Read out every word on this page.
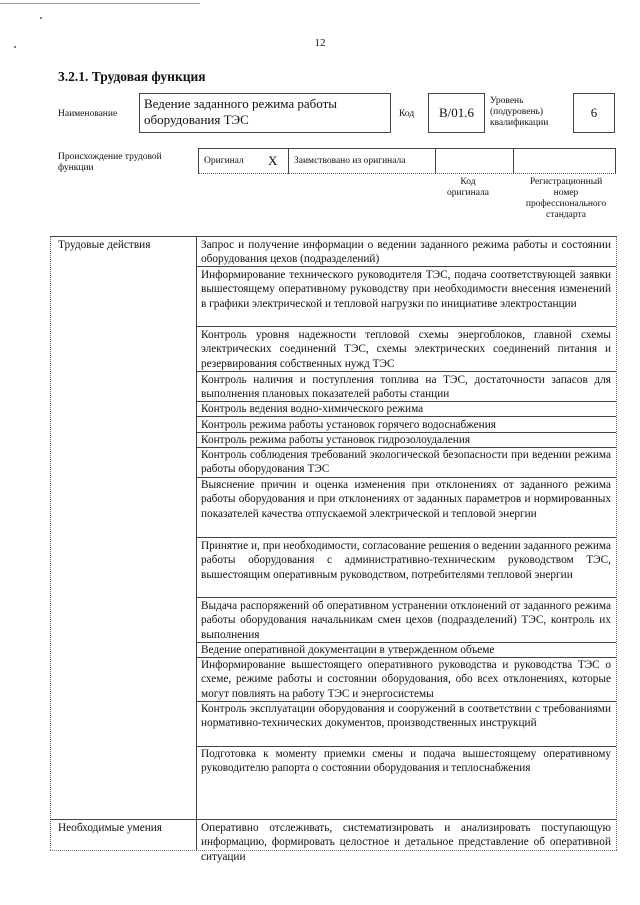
12
3.2.1. Трудовая функция
Наименование
Ведение заданного режима работы оборудования ТЭС	Код	В/01.6
Уровень (подуровень) квалификации
6
Происхождение трудовой функции
Оригинал X Заимствовано из оригинала
Код оригинала
Регистрационный номер профессионального стандарта
Трудовые действия
Необходимые умения
Запрос и получение информации о ведении заданного режима работы и состоянии оборудования цехов (подразделений)
Информирование технического руководителя ТЭС, подача соответствующей заявки вышестоящему оперативному руководству при необходимости внесения изменений в графики электрической и тепловой нагрузки по инициативе электростанции
Контроль уровня надежности тепловой схемы энергоблоков, главной схемы электрических соединений ТЭС, схемы электрических соединений питания и резервирования собственных нужд ТЭС
Контроль наличия и поступления топлива на ТЭС, достаточности запасов для выполнения плановых показателей работы станции
Контроль ведения водно-химического режима
Контроль режима работы установок горячего водоснабжения
Контроль режима работы установок гидрозолоудаления
Контроль соблюдения требований экологической безопасности при ведении режима работы оборудования ТЭС
Выяснение причин и оценка изменения при отклонениях от заданного режима работы оборудования и при отклонениях от заданных параметров и нормированных показателей качества отпускаемой электрической и тепловой энергии
Принятие и, при необходимости, согласование решения о ведении заданного режима работы оборудования с административно-техническим руководством ТЭС, вышестоящим оперативным руководством, потребителями тепловой энергии
Выдача распоряжений об оперативном устранении отклонений от заданного режима работы оборудования начальникам смен цехов (подразделений) ТЭС, контроль их выполнения
Ведение оперативной документации в утвержденном объеме
Информирование вышестоящего оперативного руководства и руководства ТЭС о схеме, режиме работы и состоянии оборудования, обо всех отклонениях, которые могут повлиять на работу ТЭС и энергосистемы
Контроль эксплуатации оборудования и сооружений в соответствии с требованиями нормативно-технических документов, производственных инструкций
Подготовка к моменту приемки смены и подача вышестоящему оперативному руководителю рапорта о состоянии оборудования и теплоснабжения
Оперативно отслеживать, систематизировать и анализировать поступающую информацию, формировать целостное и детальное представление об оперативной ситуации
